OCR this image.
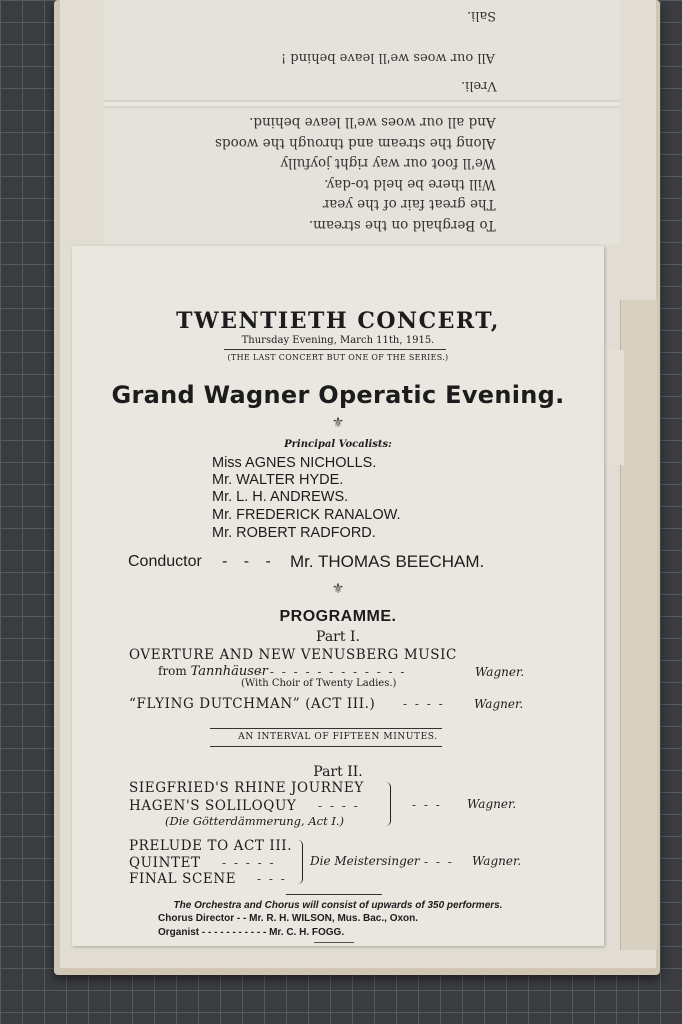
Sali.
All our woes we'll leave behind !
Vreli.
To Berghald on the stream.
The great fair of the year
Will there be held to-day.
We'll foot our way right joyfully
Along the stream and through the woods
And all our woes we'll leave behind.
TWENTIETH CONCERT,
Thursday Evening, March 11th, 1915.
(THE LAST CONCERT BUT ONE OF THE SERIES.)
Grand Wagner Operatic Evening.
⚜
Principal Vocalists:
Miss AGNES NICHOLLS.
Mr. WALTER HYDE.
Mr. L. H. ANDREWS.
Mr. FREDERICK RANALOW.
Mr. ROBERT RADFORD.
Conductor - - - Mr. THOMAS BEECHAM.
⚜
PROGRAMME.
Part I.
OVERTURE AND NEW VENUSBERG MUSIC
from Tannhäuser
- - - - - - - - - - - - -	Wagner.
(With Choir of Twenty Ladies.)
“FLYING DUTCHMAN” (ACT III.) - - - - Wagner.
AN INTERVAL OF FIFTEEN MINUTES.
Part II.
SIEGFRIED'S RHINE JOURNEY
HAGEN'S SOLILOQUY - - - -
(Die Götterdämmerung, Act I.)
- - - Wagner.
PRELUDE TO ACT III.
QUINTET - - - - -
FINAL SCENE - - -
Die Meistersinger - - - Wagner.
The Orchestra and Chorus will consist of upwards of 350 performers.
Chorus Director - - Mr. R. H. WILSON, Mus. Bac., Oxon.
Organist - - - - - - - - - - - Mr. C. H. FOGG.
